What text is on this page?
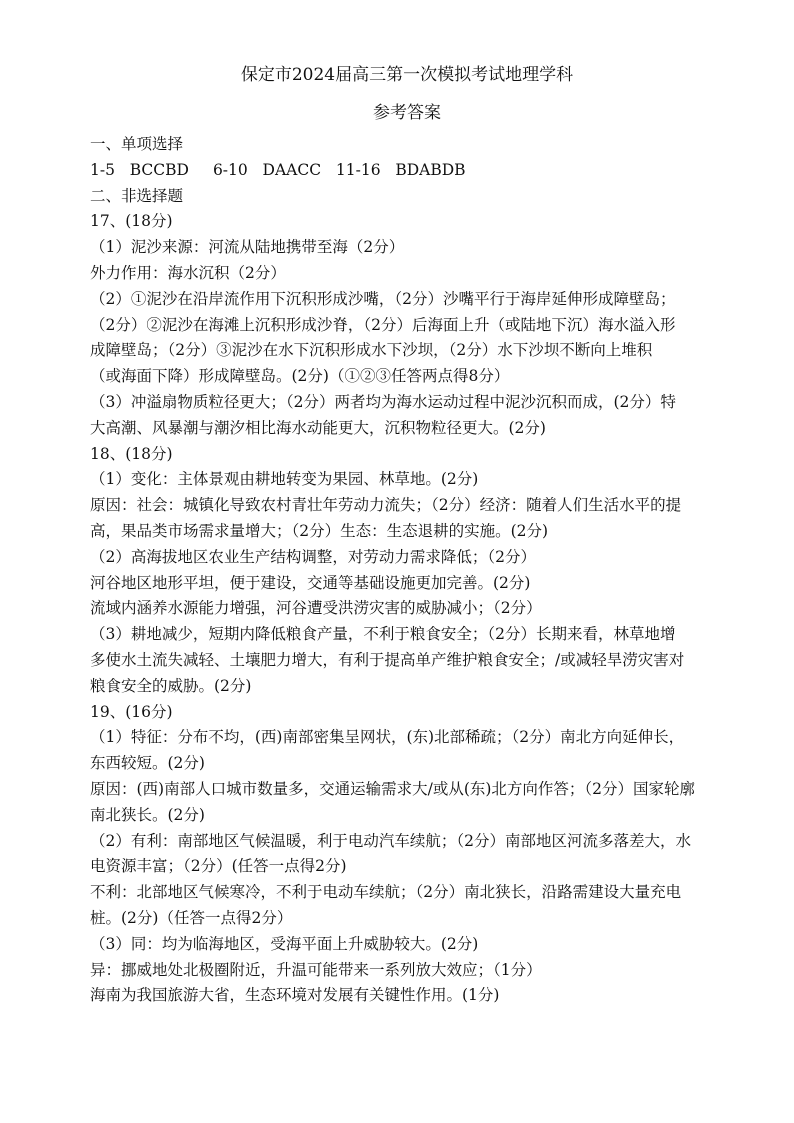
保定市2024届高三第一次模拟考试地理学科
参考答案
一、单项选择
1-5   BCCBD 6-10   DAACC 11-16   BDABDB
二、非选择题
17、(18分)
（1）泥沙来源：河流从陆地携带至海（2分）
外力作用：海水沉积（2分）
（2）①泥沙在沿岸流作用下沉积形成沙嘴，（2分）沙嘴平行于海岸延伸形成障壁岛；
（2分）②泥沙在海滩上沉积形成沙脊，（2分）后海面上升（或陆地下沉）海水溢入形
成障壁岛；（2分）③泥沙在水下沉积形成水下沙坝，（2分）水下沙坝不断向上堆积
（或海面下降）形成障壁岛。(2分)（①②③任答两点得8分）
（3）冲溢扇物质粒径更大；（2分）两者均为海水运动过程中泥沙沉积而成，(2分）特
大高潮、风暴潮与潮汐相比海水动能更大，沉积物粒径更大。(2分)
18、(18分)
（1）变化：主体景观由耕地转变为果园、林草地。(2分)
原因：社会：城镇化导致农村青壮年劳动力流失；（2分）经济：随着人们生活水平的提
高，果品类市场需求量增大；（2分）生态：生态退耕的实施。(2分)
（2）高海拔地区农业生产结构调整，对劳动力需求降低；（2分）
河谷地区地形平坦，便于建设，交通等基础设施更加完善。(2分)
流域内涵养水源能力增强，河谷遭受洪涝灾害的威胁减小；（2分）
（3）耕地减少，短期内降低粮食产量，不利于粮食安全；（2分）长期来看，林草地增
多使水土流失减轻、土壤肥力增大，有利于提高单产维护粮食安全；/或减轻旱涝灾害对
粮食安全的威胁。(2分)
19、(16分)
（1）特征：分布不均，(西)南部密集呈网状，(东)北部稀疏；（2分）南北方向延伸长，
东西较短。(2分)
原因：(西)南部人口城市数量多，交通运输需求大/或从(东)北方向作答；（2分）国家轮廓
南北狭长。(2分)
（2）有利：南部地区气候温暖，利于电动汽车续航；（2分）南部地区河流多落差大，水
电资源丰富；（2分）(任答一点得2分)
不利：北部地区气候寒冷，不利于电动车续航；（2分）南北狭长，沿路需建设大量充电
桩。(2分)（任答一点得2分）
（3）同：均为临海地区，受海平面上升威胁较大。(2分)
异：挪威地处北极圈附近，升温可能带来一系列放大效应；（1分）
海南为我国旅游大省，生态环境对发展有关键性作用。(1分)
